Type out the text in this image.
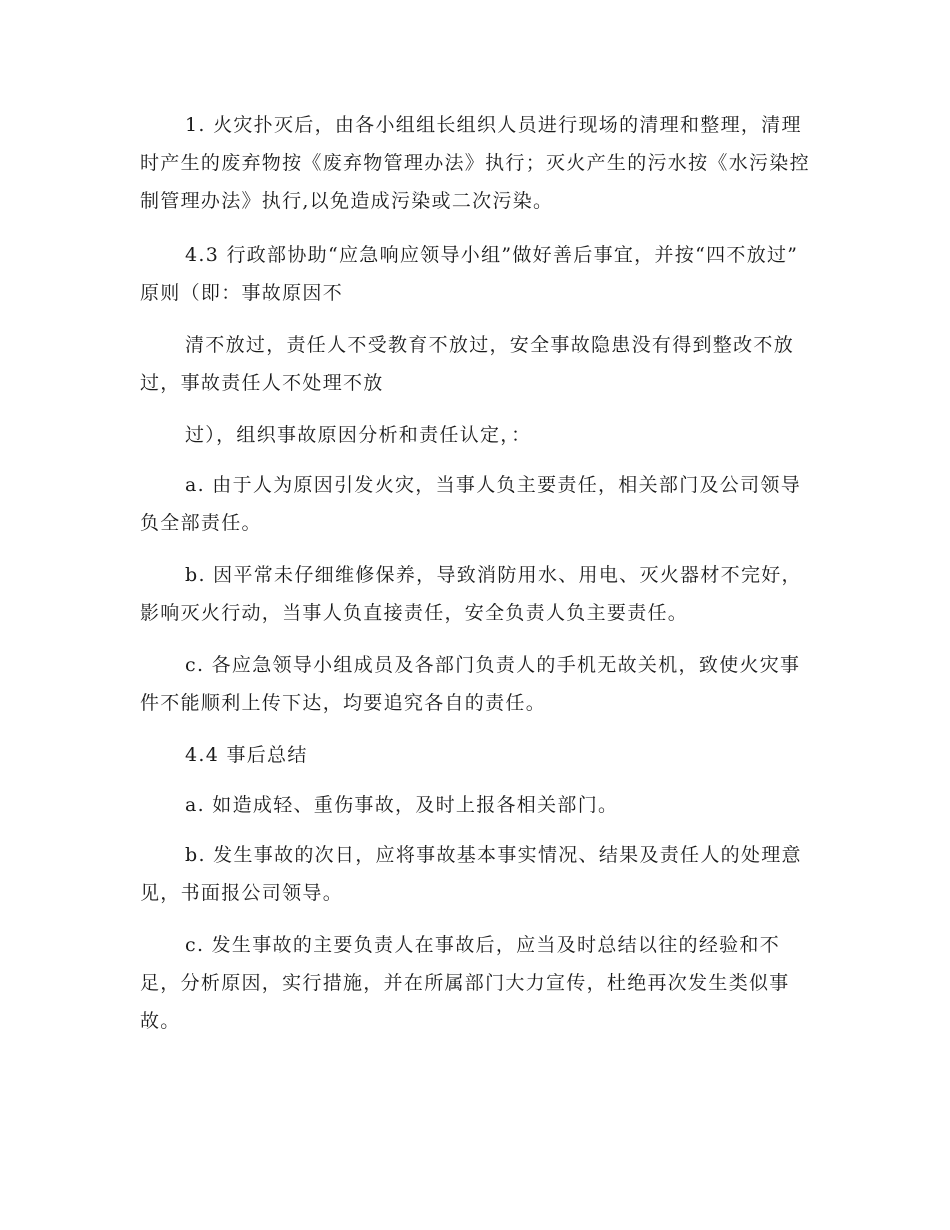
1. 火灾扑灭后，由各小组组长组织人员进行现场的清理和整理，清理时产生的废弃物按《废弃物管理办法》执行；灭火产生的污水按《水污染控制管理办法》执行,以免造成污染或二次污染。

4.3 行政部协助“应急响应领导小组”做好善后事宜，并按“四不放过” 原则（即：事故原因不

清不放过，责任人不受教育不放过，安全事故隐患没有得到整改不放过，事故责任人不处理不放

过），组织事故原因分析和责任认定，：

a. 由于人为原因引发火灾，当事人负主要责任，相关部门及公司领导负全部责任。

b. 因平常未仔细维修保养，导致消防用水、用电、灭火器材不完好，影响灭火行动，当事人负直接责任，安全负责人负主要责任。

c. 各应急领导小组成员及各部门负责人的手机无故关机，致使火灾事件不能顺利上传下达，均要追究各自的责任。

4.4 事后总结

a. 如造成轻、重伤事故，及时上报各相关部门。

b. 发生事故的次日，应将事故基本事实情况、结果及责任人的处理意见，书面报公司领导。

c. 发生事故的主要负责人在事故后，应当及时总结以往的经验和不足，分析原因，实行措施，并在所属部门大力宣传，杜绝再次发生类似事故。
